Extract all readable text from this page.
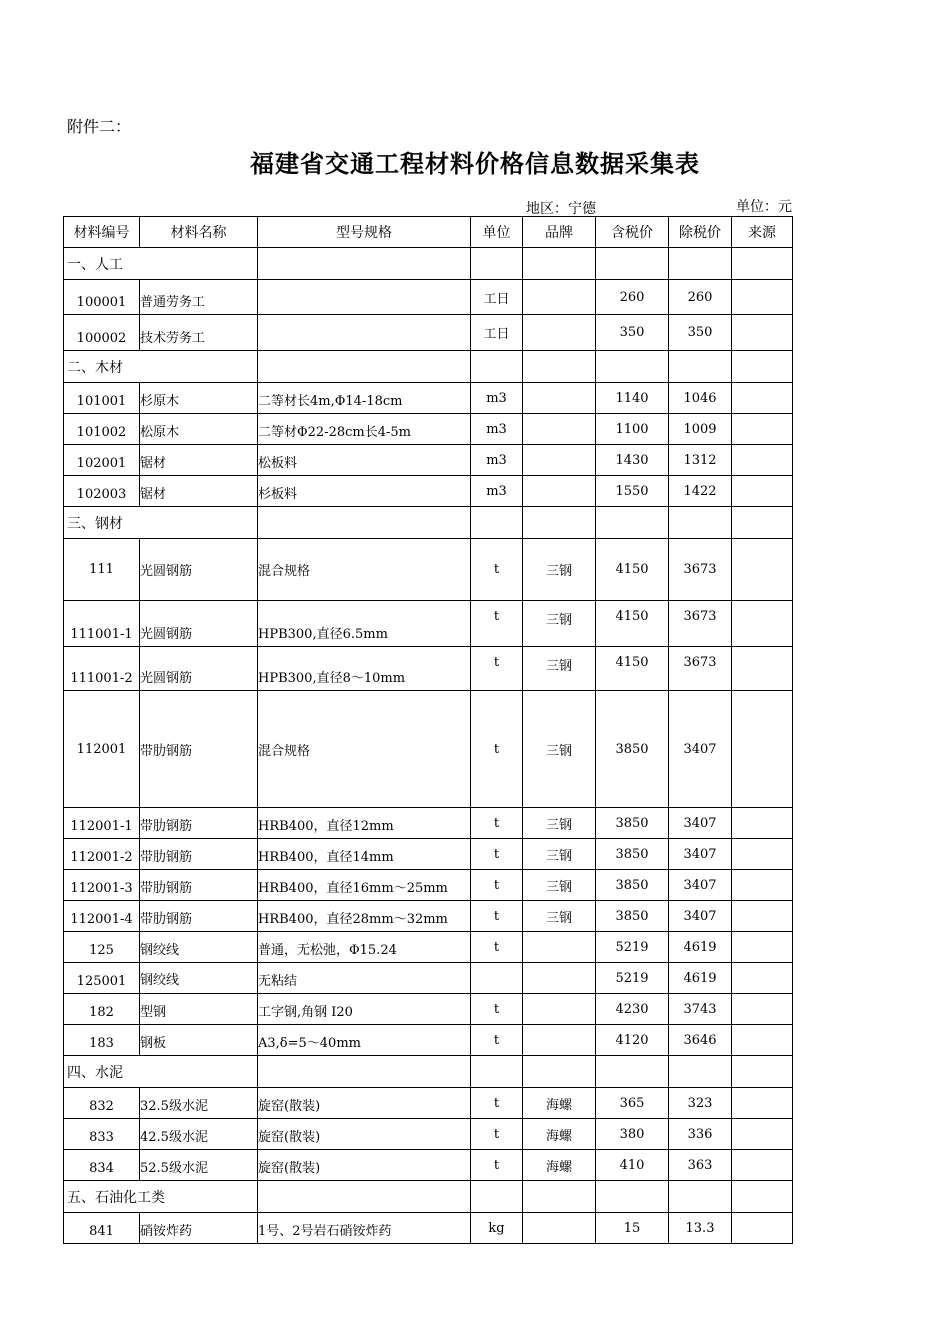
附件二：
福建省交通工程材料价格信息数据采集表
地区：宁德	单位：元
材料编号	材料名称	型号规格	单位	品牌	含税价	除税价	来源
一、人工							
100001	普通劳务工		工日		260	260	
100002	技术劳务工		工日		350	350	
二、木材							
101001	杉原木	二等材长4m,Φ14-18cm	m3		1140	1046	
101002	松原木	二等材Φ22-28cm长4-5m	m3		1100	1009	
102001	锯材	松板料	m3		1430	1312	
102003	锯材	杉板料	m3		1550	1422	
三、钢材							
111	光圆钢筋	混合规格	t	三钢	4150	3673	
111001-1	光圆钢筋	HPB300,直径6.5mm	t	三钢	4150	3673	
111001-2	光圆钢筋	HPB300,直径8～10mm	t	三钢	4150	3673	
112001	带肋钢筋	混合规格	t	三钢	3850	3407	
112001-1	带肋钢筋	HRB400，直径12mm	t	三钢	3850	3407	
112001-2	带肋钢筋	HRB400，直径14mm	t	三钢	3850	3407	
112001-3	带肋钢筋	HRB400，直径16mm～25mm	t	三钢	3850	3407	
112001-4	带肋钢筋	HRB400，直径28mm～32mm	t	三钢	3850	3407	
125	钢绞线	普通，无松弛，Φ15.24	t		5219	4619	
125001	钢绞线	无粘结			5219	4619	
182	型钢	工字钢,角钢 I20	t		4230	3743	
183	钢板	A3,δ=5～40mm	t		4120	3646	
四、水泥							
832	32.5级水泥	旋窑(散装)	t	海螺	365	323	
833	42.5级水泥	旋窑(散装)	t	海螺	380	336	
834	52.5级水泥	旋窑(散装)	t	海螺	410	363	
五、石油化工类							
841	硝铵炸药	1号、2号岩石硝铵炸药	kg		15	13.3	
